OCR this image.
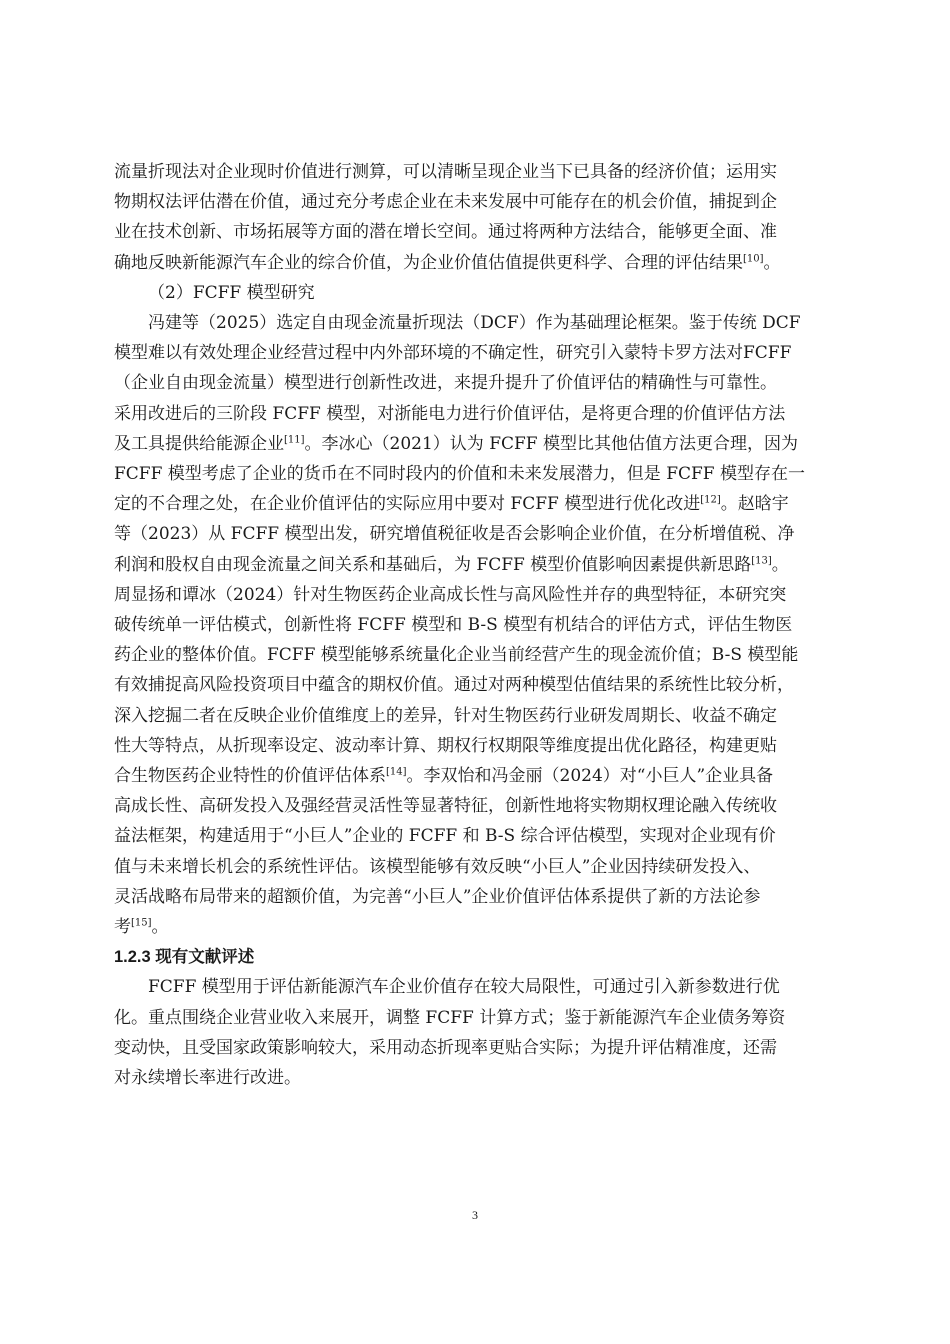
流量折现法对企业现时价值进行测算，可以清晰呈现企业当下已具备的经济价值；运用实
物期权法评估潜在价值，通过充分考虑企业在未来发展中可能存在的机会价值，捕捉到企
业在技术创新、市场拓展等方面的潜在增长空间。通过将两种方法结合，能够更全面、准
确地反映新能源汽车企业的综合价值，为企业价值估值提供更科学、合理的评估结果[10]。

（2）FCFF 模型研究

冯建等（2025）选定自由现金流量折现法（DCF）作为基础理论框架。鉴于传统 DCF
模型难以有效处理企业经营过程中内外部环境的不确定性，研究引入蒙特卡罗方法对FCFF
（企业自由现金流量）模型进行创新性改进，来提升提升了价值评估的精确性与可靠性。
采用改进后的三阶段 FCFF 模型，对浙能电力进行价值评估，是将更合理的价值评估方法
及工具提供给能源企业[11]。李冰心（2021）认为 FCFF 模型比其他估值方法更合理，因为
FCFF 模型考虑了企业的货币在不同时段内的价值和未来发展潜力，但是 FCFF 模型存在一
定的不合理之处，在企业价值评估的实际应用中要对 FCFF 模型进行优化改进[12]。赵晗宇
等（2023）从 FCFF 模型出发，研究增值税征收是否会影响企业价值，在分析增值税、净
利润和股权自由现金流量之间关系和基础后，为 FCFF 模型价值影响因素提供新思路[13]。
周显扬和谭冰（2024）针对生物医药企业高成长性与高风险性并存的典型特征，本研究突
破传统单一评估模式，创新性将 FCFF 模型和 B-S 模型有机结合的评估方式，评估生物医
药企业的整体价值。FCFF 模型能够系统量化企业当前经营产生的现金流价值；B-S 模型能
有效捕捉高风险投资项目中蕴含的期权价值。通过对两种模型估值结果的系统性比较分析，
深入挖掘二者在反映企业价值维度上的差异，针对生物医药行业研发周期长、收益不确定
性大等特点，从折现率设定、波动率计算、期权行权期限等维度提出优化路径，构建更贴
合生物医药企业特性的价值评估体系[14]。李双怡和冯金丽（2024）对“小巨人”企业具备
高成长性、高研发投入及强经营灵活性等显著特征，创新性地将实物期权理论融入传统收
益法框架，构建适用于“小巨人”企业的 FCFF 和 B-S 综合评估模型，实现对企业现有价
值与未来增长机会的系统性评估。该模型能够有效反映“小巨人”企业因持续研发投入、
灵活战略布局带来的超额价值，为完善“小巨人”企业价值评估体系提供了新的方法论参
考[15]。

1.2.3 现有文献评述

FCFF 模型用于评估新能源汽车企业价值存在较大局限性，可通过引入新参数进行优
化。重点围绕企业营业收入来展开，调整 FCFF 计算方式；鉴于新能源汽车企业债务筹资
变动快，且受国家政策影响较大，采用动态折现率更贴合实际；为提升评估精准度，还需
对永续增长率进行改进。

3
